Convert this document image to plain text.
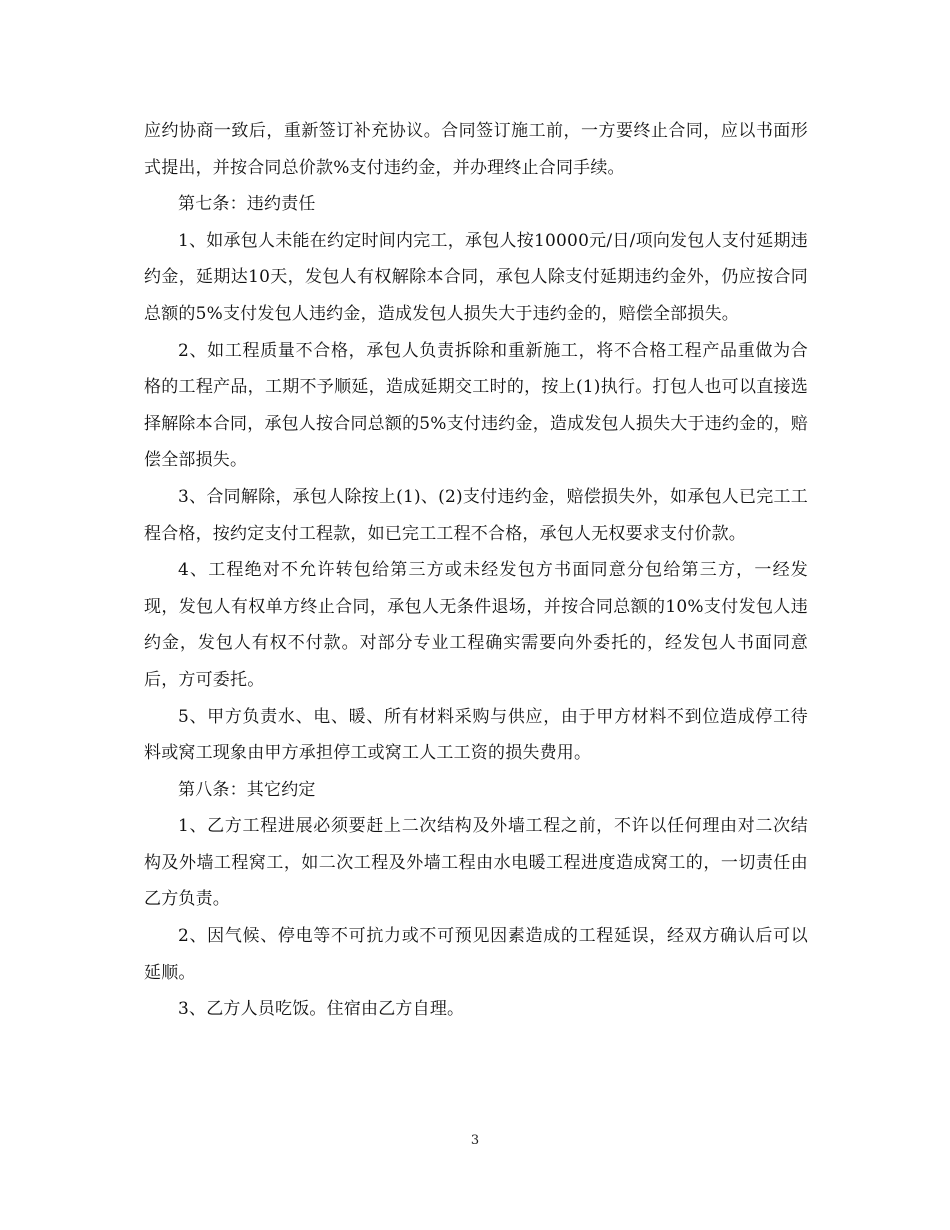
应约协商一致后，重新签订补充协议。合同签订施工前，一方要终止合同，应以书面形式提出，并按合同总价款%支付违约金，并办理终止合同手续。

第七条：违约责任

1、如承包人未能在约定时间内完工，承包人按10000元/日/项向发包人支付延期违约金，延期达10天，发包人有权解除本合同，承包人除支付延期违约金外，仍应按合同总额的5%支付发包人违约金，造成发包人损失大于违约金的，赔偿全部损失。

2、如工程质量不合格，承包人负责拆除和重新施工，将不合格工程产品重做为合格的工程产品，工期不予顺延，造成延期交工时的，按上(1)执行。打包人也可以直接选择解除本合同，承包人按合同总额的5%支付违约金，造成发包人损失大于违约金的，赔偿全部损失。

3、合同解除，承包人除按上(1)、(2)支付违约金，赔偿损失外，如承包人已完工工程合格，按约定支付工程款，如已完工工程不合格，承包人无权要求支付价款。

4、工程绝对不允许转包给第三方或未经发包方书面同意分包给第三方，一经发现，发包人有权单方终止合同，承包人无条件退场，并按合同总额的10%支付发包人违约金，发包人有权不付款。对部分专业工程确实需要向外委托的，经发包人书面同意后，方可委托。

5、甲方负责水、电、暖、所有材料采购与供应，由于甲方材料不到位造成停工待料或窝工现象由甲方承担停工或窝工人工工资的损失费用。

第八条：其它约定

1、乙方工程进展必须要赶上二次结构及外墙工程之前，不许以任何理由对二次结构及外墙工程窝工，如二次工程及外墙工程由水电暖工程进度造成窝工的，一切责任由乙方负责。

2、因气候、停电等不可抗力或不可预见因素造成的工程延误，经双方确认后可以延顺。

3、乙方人员吃饭。住宿由乙方自理。

3
